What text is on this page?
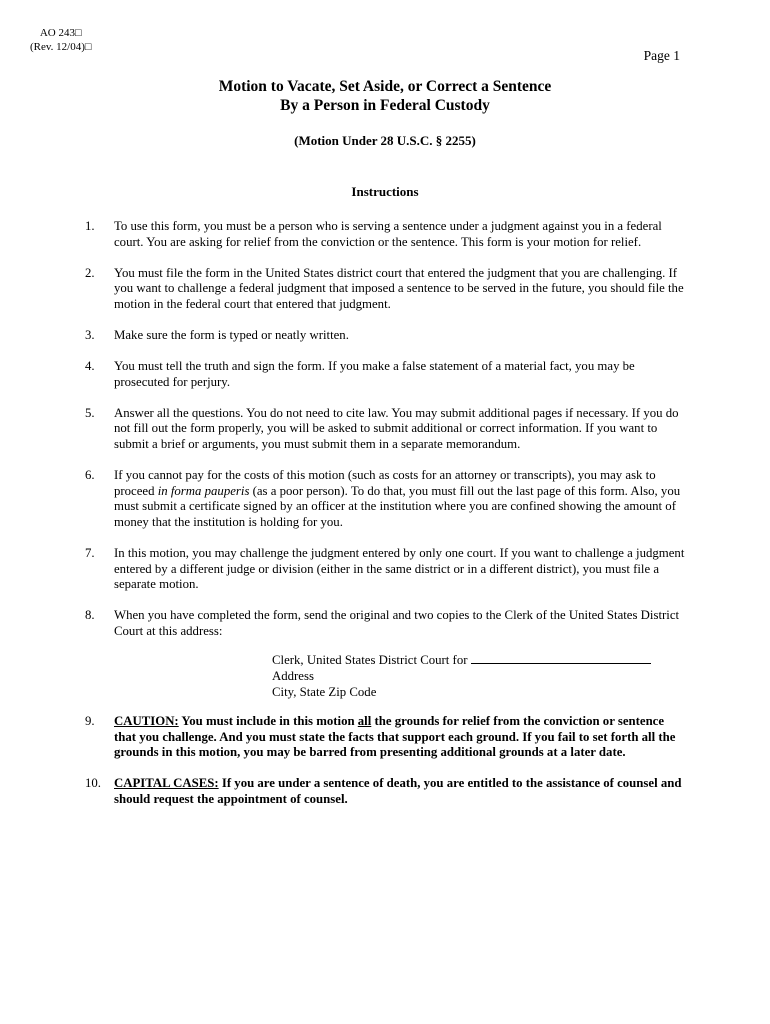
AO 243□
(Rev. 12/04)□
Page 1
Motion to Vacate, Set Aside, or Correct a Sentence
By a Person in Federal Custody
(Motion Under 28 U.S.C. § 2255)
Instructions
1.	To use this form, you must be a person who is serving a sentence under a judgment against you in a federal court. You are asking for relief from the conviction or the sentence. This form is your motion for relief.
2.	You must file the form in the United States district court that entered the judgment that you are challenging. If you want to challenge a federal judgment that imposed a sentence to be served in the future, you should file the motion in the federal court that entered that judgment.
3.	Make sure the form is typed or neatly written.
4.	You must tell the truth and sign the form. If you make a false statement of a material fact, you may be prosecuted for perjury.
5.	Answer all the questions. You do not need to cite law. You may submit additional pages if necessary. If you do not fill out the form properly, you will be asked to submit additional or correct information. If you want to submit a brief or arguments, you must submit them in a separate memorandum.
6.	If you cannot pay for the costs of this motion (such as costs for an attorney or transcripts), you may ask to proceed in forma pauperis (as a poor person). To do that, you must fill out the last page of this form. Also, you must submit a certificate signed by an officer at the institution where you are confined showing the amount of money that the institution is holding for you.
7.	In this motion, you may challenge the judgment entered by only one court. If you want to challenge a judgment entered by a different judge or division (either in the same district or in a different district), you must file a separate motion.
8.	When you have completed the form, send the original and two copies to the Clerk of the United States District Court at this address:
Clerk, United States District Court for
Address
City, State Zip Code
9.	CAUTION: You must include in this motion all the grounds for relief from the conviction or sentence that you challenge. And you must state the facts that support each ground. If you fail to set forth all the grounds in this motion, you may be barred from presenting additional grounds at a later date.
10.	CAPITAL CASES: If you are under a sentence of death, you are entitled to the assistance of counsel and should request the appointment of counsel.
